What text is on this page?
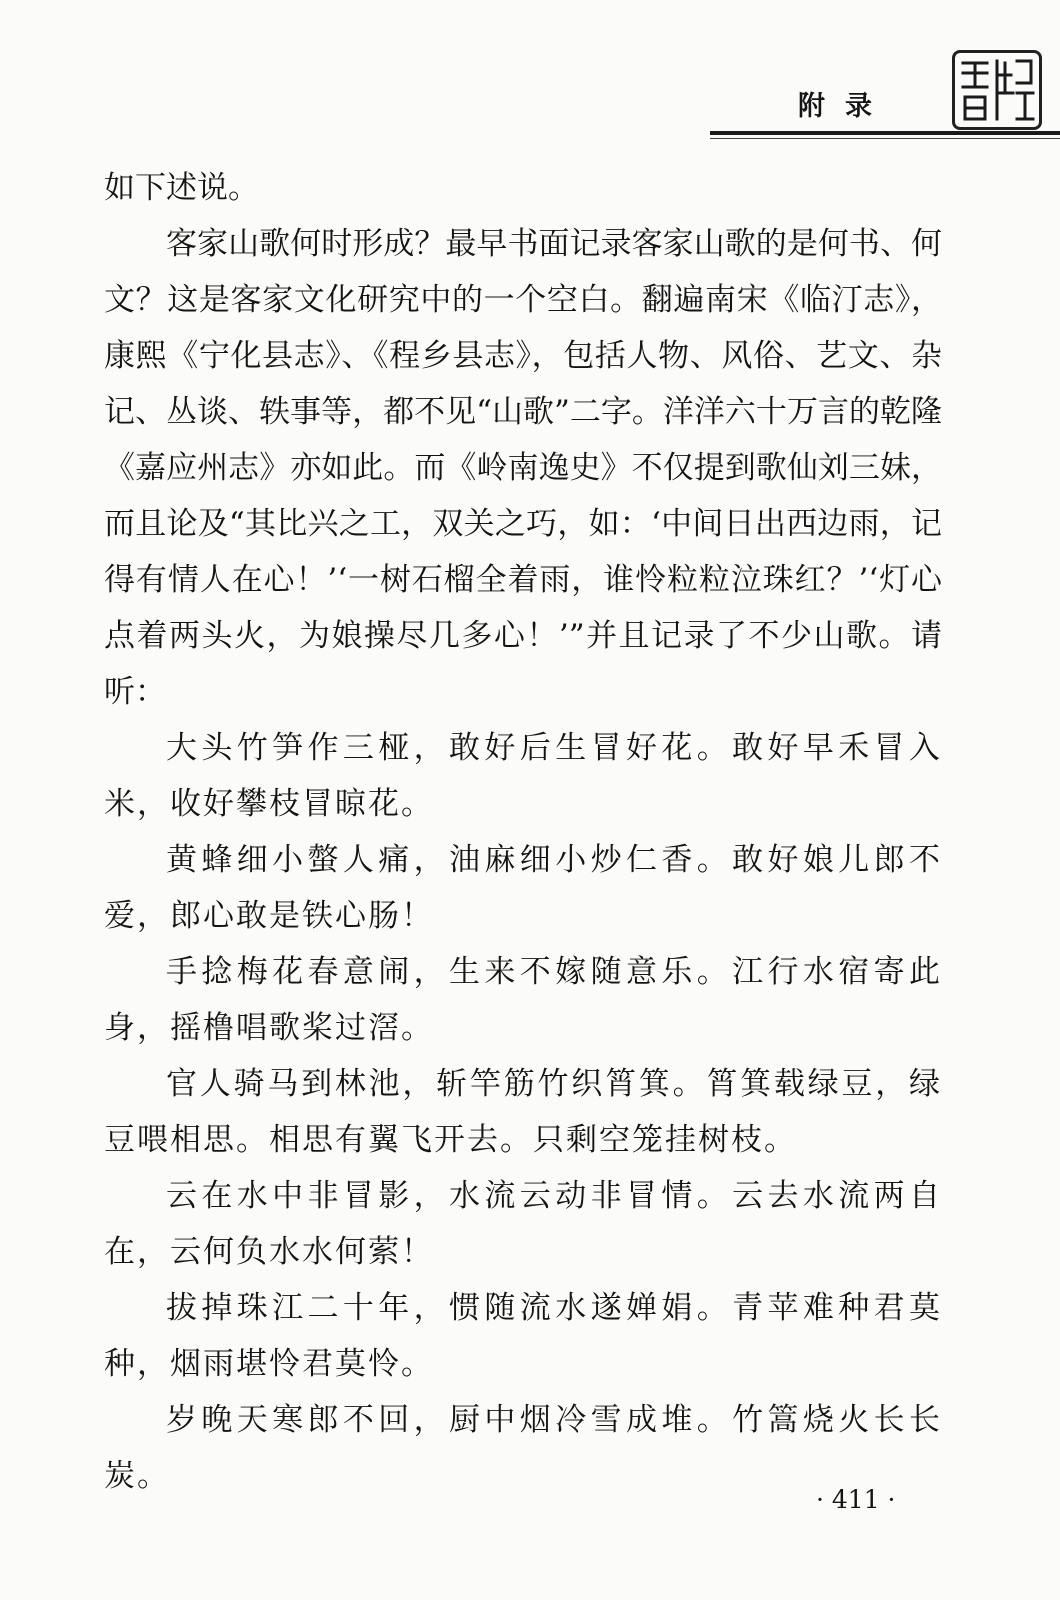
附录

如下述说。

客家山歌何时形成？最早书面记录客家山歌的是何书、何文？这是客家文化研究中的一个空白。翻遍南宋《临汀志》，康熙《宁化县志》、《程乡县志》，包括人物、风俗、艺文、杂记、丛谈、轶事等，都不见“山歌”二字。洋洋六十万言的乾隆《嘉应州志》亦如此。而《岭南逸史》不仅提到歌仙刘三妹，而且论及“其比兴之工，双关之巧，如：‘中间日出西边雨，记得有情人在心！’‘一树石榴全着雨，谁怜粒粒泣珠红？’‘灯心点着两头火，为娘操尽几多心！’”并且记录了不少山歌。请听：

大头竹笋作三桠，敢好后生冒好花。敢好早禾冒入米，收好攀枝冒晾花。

黄蜂细小螫人痛，油麻细小炒仁香。敢好娘儿郎不爱，郎心敢是铁心肠！

手捻梅花春意闹，生来不嫁随意乐。江行水宿寄此身，摇橹唱歌桨过滘。

官人骑马到林池，斩竿筋竹织筲箕。筲箕载绿豆，绿豆喂相思。相思有翼飞开去。只剩空笼挂树枝。

云在水中非冒影，水流云动非冒情。云去水流两自在，云何负水水何萦！

拔掉珠江二十年，惯随流水遂婵娟。青苹难种君莫种，烟雨堪怜君莫怜。

岁晚天寒郎不回，厨中烟冷雪成堆。竹篙烧火长长炭。

· 411 ·
